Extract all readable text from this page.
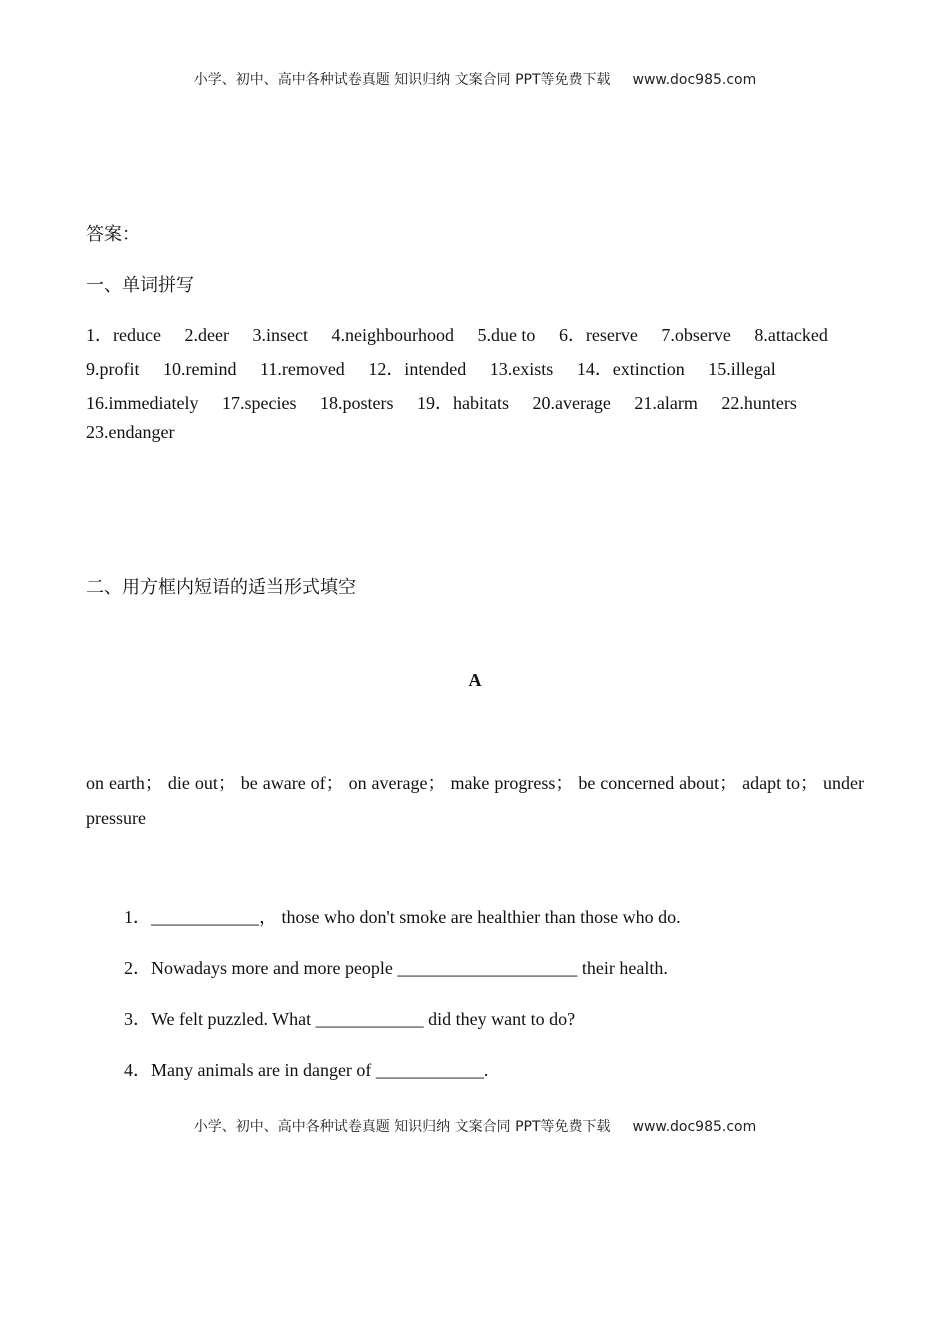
小学、初中、高中各种试卷真题 知识归纳 文案合同 PPT等免费下载 www.doc985.com
答案：
一、单词拼写
1．reduce 2.deer 3.insect 4.neighbourhood 5.due to 6．reserve 7.observe 8.attacked
9.profit 10.remind 11.removed 12．intended 13.exists 14．extinction 15.illegal
16.immediately 17.species 18.posters 19．habitats 20.average 21.alarm 22.hunters
23.endanger
二、用方框内短语的适当形式填空
A
on earth； die out； be aware of； on average； make progress； be concerned about； adapt to； under pressure
1．____________， those who don't smoke are healthier than those who do.
2．Nowadays more and more people ____________________ their health.
3．We felt puzzled. What ____________ did they want to do?
4．Many animals are in danger of ____________.
小学、初中、高中各种试卷真题 知识归纳 文案合同 PPT等免费下载 www.doc985.com
